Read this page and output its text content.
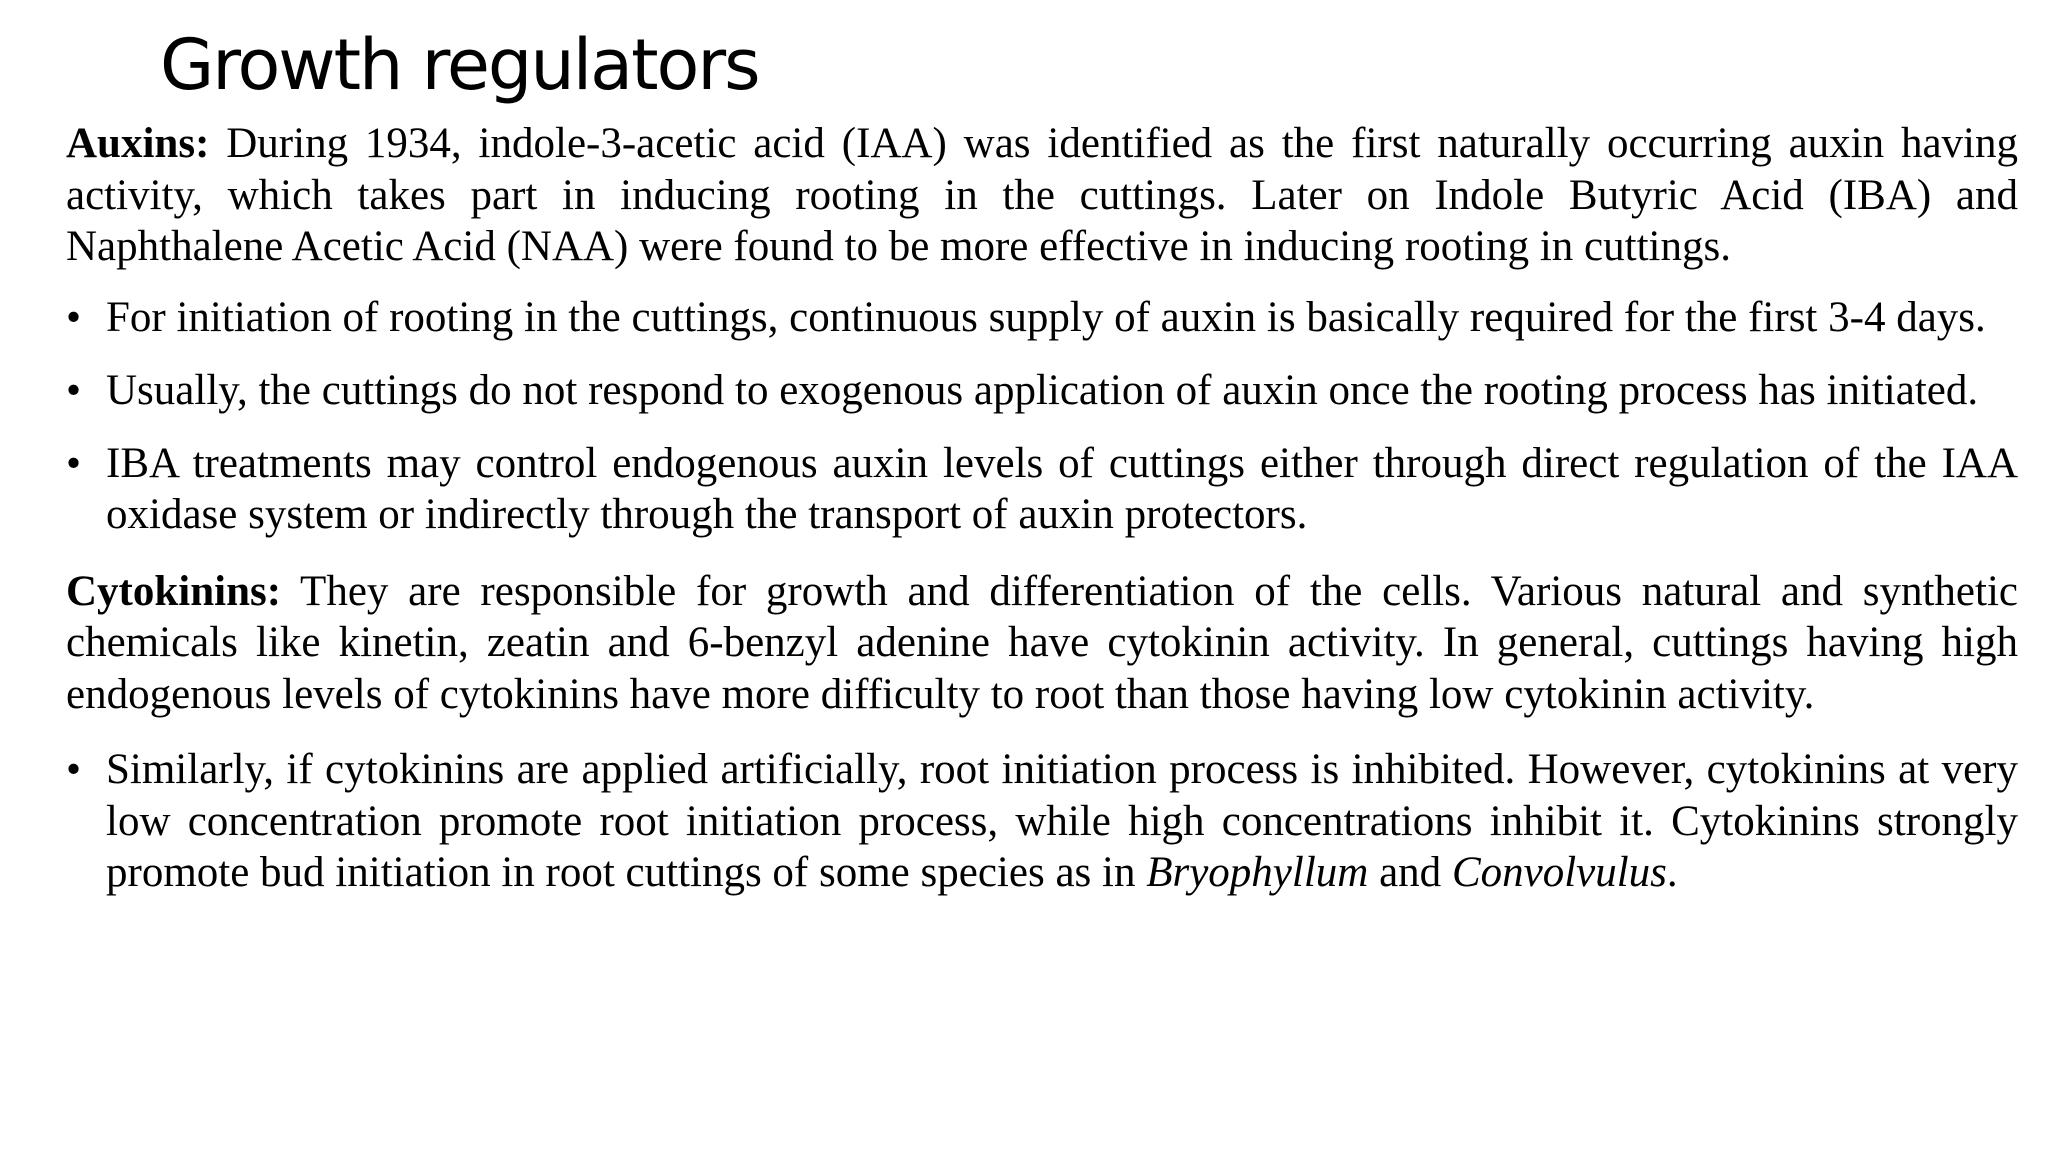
Growth regulators

Auxins: During 1934, indole-3-acetic acid (IAA) was identified as the first naturally occurring auxin having activity, which takes part in inducing rooting in the cuttings. Later on Indole Butyric Acid (IBA) and Naphthalene Acetic Acid (NAA) were found to be more effective in inducing rooting in cuttings.

• For initiation of rooting in the cuttings, continuous supply of auxin is basically required for the first 3-4 days.
• Usually, the cuttings do not respond to exogenous application of auxin once the rooting process has initiated.
• IBA treatments may control endogenous auxin levels of cuttings either through direct regulation of the IAA oxidase system or indirectly through the transport of auxin protectors.

Cytokinins: They are responsible for growth and differentiation of the cells. Various natural and synthetic chemicals like kinetin, zeatin and 6-benzyl adenine have cytokinin activity. In general, cuttings having high endogenous levels of cytokinins have more difficulty to root than those having low cytokinin activity.

• Similarly, if cytokinins are applied artificially, root initiation process is inhibited. However, cytokinins at very low concentration promote root initiation process, while high concentrations inhibit it. Cytokinins strongly promote bud initiation in root cuttings of some species as in Bryophyllum and Convolvulus.
